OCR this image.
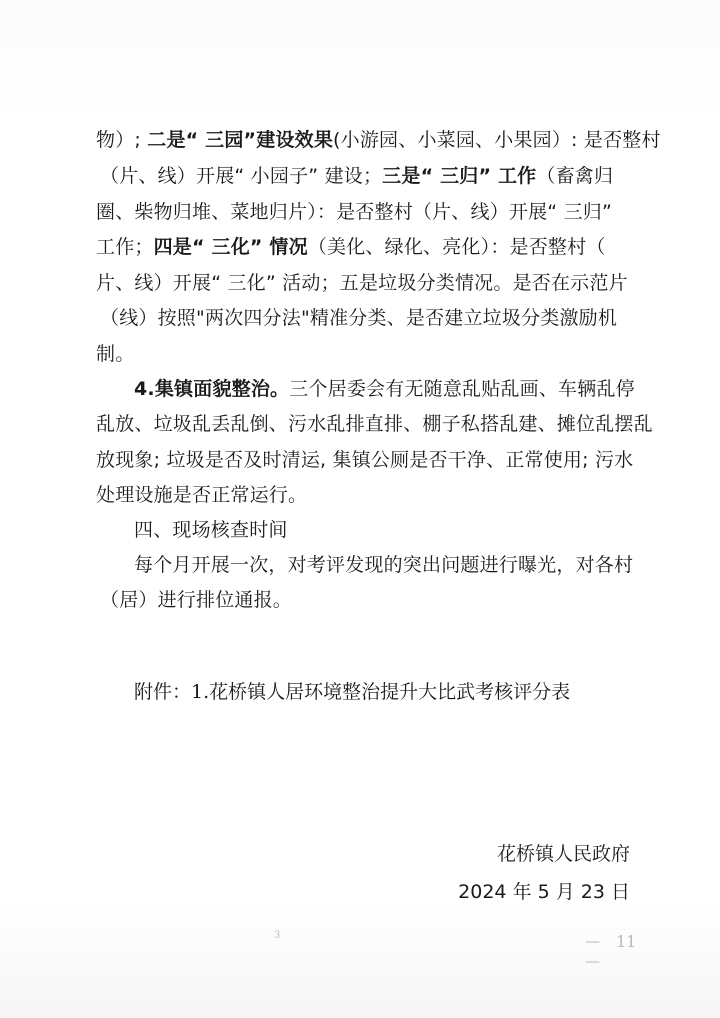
物）; 二是“ 三园”建设效果(小游园、小菜园、小果园）: 是否整村
（片、线）开展“ 小园子” 建设；三是“ 三归” 工作（畜禽归
圈、柴物归堆、菜地归片）：是否整村（片、线）开展“ 三归”
工作；四是“ 三化” 情况（美化、绿化、亮化）：是否整村（
片、线）开展“ 三化” 活动；五是垃圾分类情况。是否在示范片
（线）按照"两次四分法"精准分类、是否建立垃圾分类激励机
制。
4.集镇面貌整治。三个居委会有无随意乱贴乱画、车辆乱停
乱放、垃圾乱丢乱倒、污水乱排直排、棚子私搭乱建、摊位乱摆乱
放现象; 垃圾是否及时清运, 集镇公厕是否干净、正常使用; 污水
处理设施是否正常运行。
四、现场核查时间
每个月开展一次，对考评发现的突出问题进行曝光，对各村
（居）进行排位通报。
附件：1.花桥镇人居环境整治提升大比武考核评分表
花桥镇人民政府
2024 年 5 月 23 日
3	— 11
—
